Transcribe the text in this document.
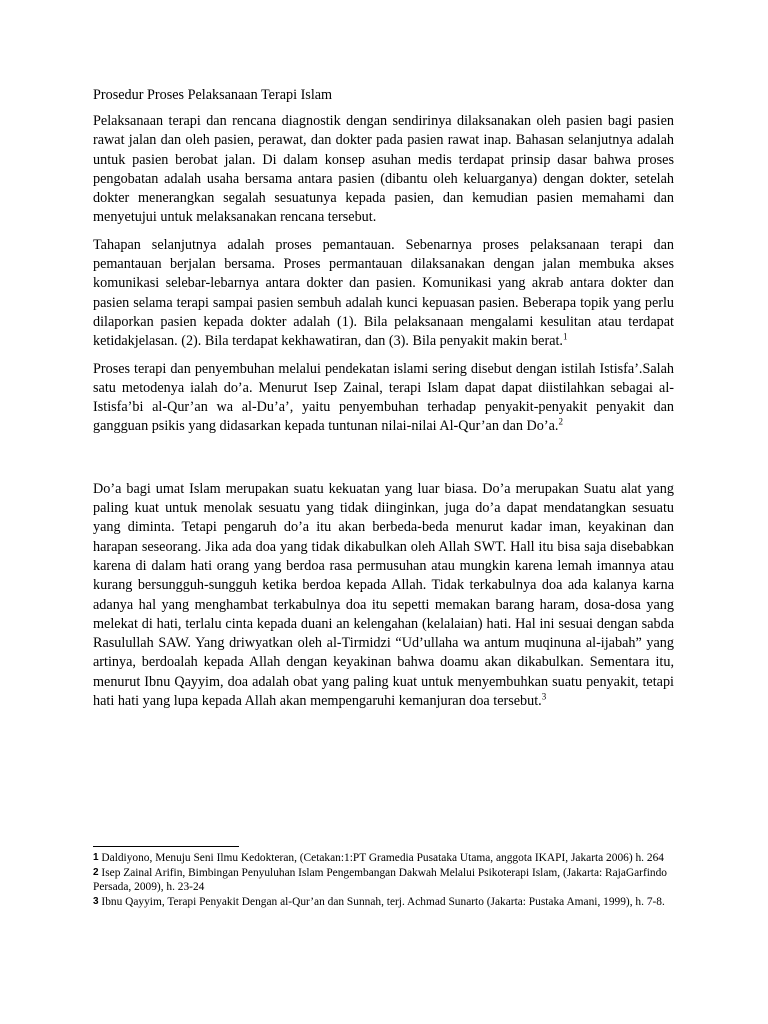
Prosedur Proses Pelaksanaan Terapi Islam

Pelaksanaan terapi dan rencana diagnostik dengan sendirinya dilaksanakan oleh pasien bagi pasien rawat jalan dan oleh pasien, perawat, dan dokter pada pasien rawat inap. Bahasan selanjutnya adalah untuk pasien berobat jalan. Di dalam konsep asuhan medis terdapat prinsip dasar bahwa proses pengobatan adalah usaha bersama antara pasien (dibantu oleh keluarganya) dengan dokter, setelah dokter menerangkan segalah sesuatunya kepada pasien, dan kemudian pasien memahami dan menyetujui untuk melaksanakan rencana tersebut.

Tahapan selanjutnya adalah proses pemantauan. Sebenarnya proses pelaksanaan terapi dan pemantauan berjalan bersama. Proses permantauan dilaksanakan dengan jalan membuka akses komunikasi selebar-lebarnya antara dokter dan pasien. Komunikasi yang akrab antara dokter dan pasien selama terapi sampai pasien sembuh adalah kunci kepuasan pasien. Beberapa topik yang perlu dilaporkan pasien kepada dokter adalah (1). Bila pelaksanaan mengalami kesulitan atau terdapat ketidakjelasan. (2). Bila terdapat kekhawatiran, dan (3). Bila penyakit makin berat.$^1$

Proses terapi dan penyembuhan melalui pendekatan islami sering disebut dengan istilah Istisfa’.Salah satu metodenya ialah do’a. Menurut Isep Zainal, terapi Islam dapat dapat diistilahkan sebagai al-Istisfa’bi al-Qur’an wa al-Du’a’, yaitu penyembuhan terhadap penyakit-penyakit penyakit dan gangguan psikis yang didasarkan kepada tuntunan nilai-nilai Al-Qur’an dan Do’a.$^2$

Do’a bagi umat Islam merupakan suatu kekuatan yang luar biasa. Do’a merupakan Suatu alat yang paling kuat untuk menolak sesuatu yang tidak diinginkan, juga do’a dapat mendatangkan sesuatu yang diminta. Tetapi pengaruh do’a itu akan berbeda-beda menurut kadar iman, keyakinan dan harapan seseorang. Jika ada doa yang tidak dikabulkan oleh Allah SWT. Hall itu bisa saja disebabkan karena di dalam hati orang yang berdoa rasa permusuhan atau mungkin karena lemah imannya atau kurang bersungguh-sungguh ketika berdoa kepada Allah. Tidak terkabulnya doa ada kalanya karna adanya hal yang menghambat terkabulnya doa itu sepetti memakan barang haram, dosa-dosa yang melekat di hati, terlalu cinta kepada duani an kelengahan (kelalaian) hati. Hal ini sesuai dengan sabda Rasulullah SAW. Yang driwyatkan oleh al-Tirmidzi “Ud’ullaha wa antum muqinuna al-ijabah” yang artinya, berdoalah kepada Allah dengan keyakinan bahwa doamu akan dikabulkan. Sementara itu, menurut Ibnu Qayyim, doa adalah obat yang paling kuat untuk menyembuhkan suatu penyakit, tetapi hati hati yang lupa kepada Allah akan mempengaruhi kemanjuran doa tersebut.$^3$

1 Daldiyono, Menuju Seni Ilmu Kedokteran, (Cetakan:1:PT Gramedia Pusataka Utama, anggota IKAPI, Jakarta 2006) h. 264

2 Isep Zainal Arifin, Bimbingan Penyuluhan Islam Pengembangan Dakwah Melalui Psikoterapi Islam, (Jakarta: RajaGarfindo Persada, 2009), h. 23-24

3 Ibnu Qayyim, Terapi Penyakit Dengan al-Qur’an dan Sunnah, terj. Achmad Sunarto (Jakarta: Pustaka Amani, 1999), h. 7-8.
